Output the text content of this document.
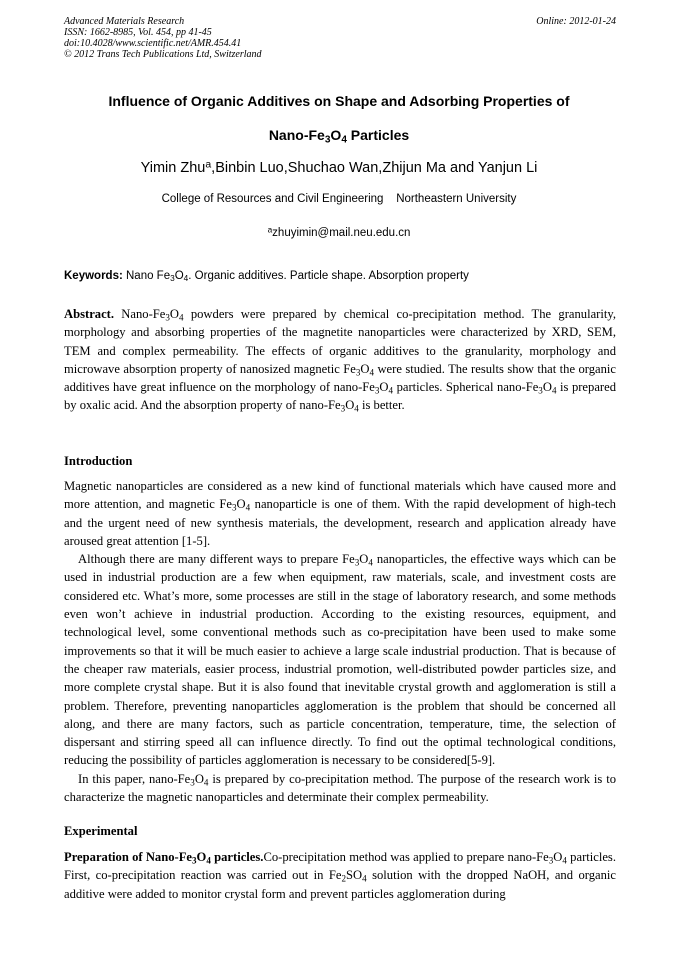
Advanced Materials Research
ISSN: 1662-8985, Vol. 454, pp 41-45
doi:10.4028/www.scientific.net/AMR.454.41
© 2012 Trans Tech Publications Ltd, Switzerland
Online: 2012-01-24
Influence of Organic Additives on Shape and Adsorbing Properties of
Nano-$Fe_3O_4$ Particles
Yimin Zhu$^a$,Binbin Luo,Shuchao Wan,Zhijun Ma and Yanjun Li
College of Resources and Civil Engineering    Northeastern University
$^a$zhuyimin@mail.neu.edu.cn
Keywords: Nano $Fe_3O_4$. Organic additives. Particle shape. Absorption property

Abstract. Nano-$Fe_3O_4$ powders were prepared by chemical co-precipitation method. The granularity, morphology and absorbing properties of the magnetite nanoparticles were characterized by XRD, SEM, TEM and complex permeability. The effects of organic additives to the granularity, morphology and microwave absorption property of nanosized magnetic $Fe_3O_4$ were studied. The results show that the organic additives have great influence on the morphology of nano-$Fe_3O_4$ particles. Spherical nano-$Fe_3O_4$ is prepared by oxalic acid. And the absorption property of nano-$Fe_3O_4$ is better.

Introduction

Magnetic nanoparticles are considered as a new kind of functional materials which have caused more and more attention, and magnetic $Fe_3O_4$ nanoparticle is one of them. With the rapid development of high-tech and the urgent need of new synthesis materials, the development, research and application already have aroused great attention [1-5].

Although there are many different ways to prepare $Fe_3O_4$ nanoparticles, the effective ways which can be used in industrial production are a few when equipment, raw materials, scale, and investment costs are considered etc. What’s more, some processes are still in the stage of laboratory research, and some methods even won’t achieve in industrial production. According to the existing resources, equipment, and technological level, some conventional methods such as co-precipitation have been used to make some improvements so that it will be much easier to achieve a large scale industrial production. That is because of the cheaper raw materials, easier process, industrial promotion, well-distributed powder particles size, and more complete crystal shape. But it is also found that inevitable crystal growth and agglomeration is still a problem. Therefore, preventing nanoparticles agglomeration is the problem that should be concerned all along, and there are many factors, such as particle concentration, temperature, time, the selection of dispersant and stirring speed all can influence directly. To find out the optimal technological conditions, reducing the possibility of particles agglomeration is necessary to be considered[5-9].

In this paper, nano-$Fe_3O_4$ is prepared by co-precipitation method. The purpose of the research work is to characterize the magnetic nanoparticles and determinate their complex permeability.

Experimental

Preparation of Nano-$Fe_3O_4$ particles.Co-precipitation method was applied to prepare nano-$Fe_3O_4$ particles. First, co-precipitation reaction was carried out in $Fe_2SO_4$ solution with the dropped NaOH, and organic additive were added to monitor crystal form and prevent particles agglomeration during
